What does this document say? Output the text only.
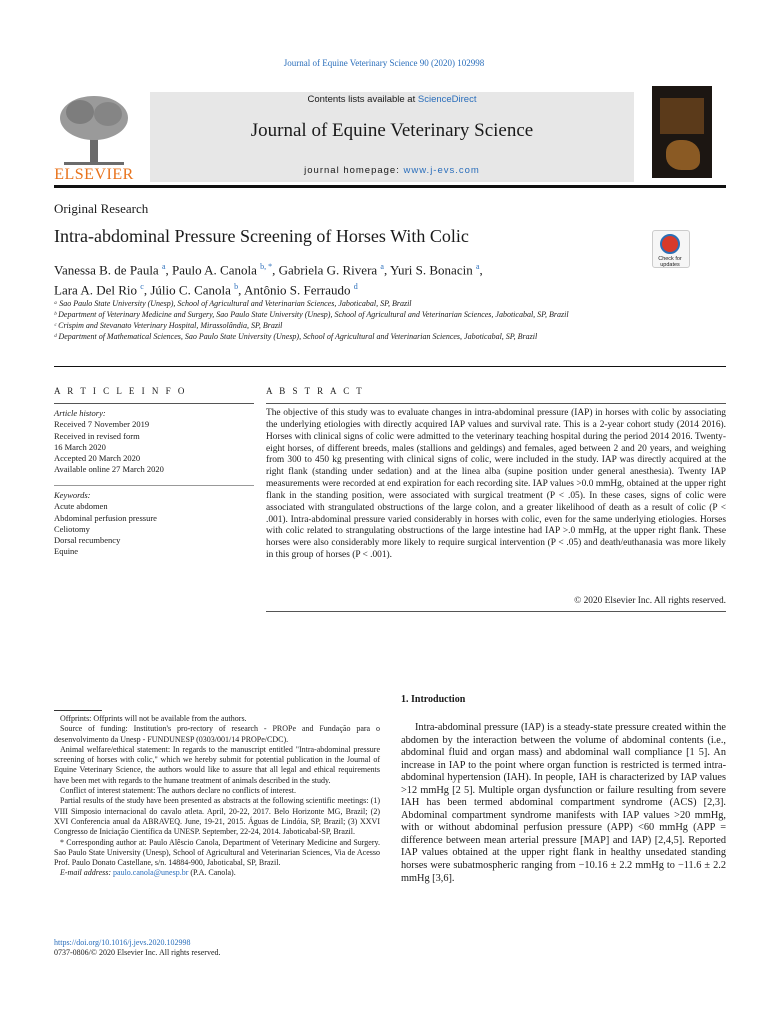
Journal of Equine Veterinary Science 90 (2020) 102998
ELSEVIER
Contents lists available at ScienceDirect
Journal of Equine Veterinary Science
journal homepage: www.j-evs.com
Original Research
Intra-abdominal Pressure Screening of Horses With Colic
Check for updates
Vanessa B. de Paula $^a$, Paulo A. Canola $^{b, *}$, Gabriela G. Rivera $^a$, Yuri S. Bonacin $^a$,
Lara A. Del Rio $^c$, Júlio C. Canola $^b$, Antônio S. Ferraudo $^d$
ᵃ Sao Paulo State University (Unesp), School of Agricultural and Veterinarian Sciences, Jaboticabal, SP, Brazil
ᵇ Department of Veterinary Medicine and Surgery, Sao Paulo State University (Unesp), School of Agricultural and Veterinarian Sciences, Jaboticabal, SP, Brazil
ᶜ Crispim and Stevanato Veterinary Hospital, Mirassolândia, SP, Brazil
ᵈ Department of Mathematical Sciences, Sao Paulo State University (Unesp), School of Agricultural and Veterinarian Sciences, Jaboticabal, SP, Brazil
A R T I C L E I N F O	A B S T R A C T
Article history:
Received 7 November 2019
Received in revised form
16 March 2020
Accepted 20 March 2020
Available online 27 March 2020
Keywords:
Acute abdomen
Abdominal perfusion pressure
Celiotomy
Dorsal recumbency
Equine
The objective of this study was to evaluate changes in intra-abdominal pressure (IAP) in horses with colic by associating the underlying etiologies with directly acquired IAP values and survival rate. This is a 2-year cohort study (2014 2016). Horses with clinical signs of colic were admitted to the veterinary teaching hospital during the period 2014 2016. Twenty-eight horses, of different breeds, males (stallions and geldings) and females, aged between 2 and 20 years, and weighing from 300 to 450 kg presenting with clinical signs of colic, were included in the study. IAP was directly acquired at the right flank (standing under sedation) and at the linea alba (supine position under general anesthesia). Twenty IAP measurements were recorded at end expiration for each recording site. IAP values >0.0 mmHg, obtained at the upper right flank in the standing position, were associated with surgical treatment (P < .05). In these cases, signs of colic were associated with strangulated obstructions of the large colon, and a greater likelihood of death as a result of colic (P < .001). Intra-abdominal pressure varied considerably in horses with colic, even for the same underlying etiologies. Horses with colic related to strangulating obstructions of the large intestine had IAP >.0 mmHg, at the upper right flank. These horses were also considerably more likely to require surgical intervention (P < .05) and death/euthanasia was more likely in this group of horses (P < .001).
© 2020 Elsevier Inc. All rights reserved.

Offprints: Offprints will not be available from the authors.

Source of funding: Institution's pro-rectory of research - PROPe and Fundação para o desenvolvimento da Unesp - FUNDUNESP (0303/001/14 PROPe/CDC).

Animal welfare/ethical statement: In regards to the manuscript entitled "Intra-abdominal pressure screening of horses with colic," which we hereby submit for potential publication in the Journal of Equine Veterinary Science, the authors would like to assure that all legal and ethical requirements have been met with regards to the humane treatment of animals described in the study.

Conflict of interest statement: The authors declare no conflicts of interest.

Partial results of the study have been presented as abstracts at the following scientific meetings: (1) VIII Simposio internacional do cavalo atleta. April, 20-22, 2017. Belo Horizonte MG, Brazil; (2) XVI Conferencia anual da ABRAVEQ. June, 19-21, 2015. Águas de Lindóia, SP, Brazil; (3) XXVI Congresso de Iniciação Científica da UNESP. September, 22-24, 2014. Jaboticabal-SP, Brazil.

* Corresponding author at: Paulo Alêscio Canola, Department of Veterinary Medicine and Surgery. Sao Paulo State University (Unesp), School of Agricultural and Veterinarian Sciences, Via de Acesso Prof. Paulo Donato Castellane, s/n. 14884-900, Jaboticabal, SP, Brazil.

E-mail address: paulo.canola@unesp.br (P.A. Canola).

https://doi.org/10.1016/j.jevs.2020.102998
0737-0806/© 2020 Elsevier Inc. All rights reserved.
1. Introduction
Intra-abdominal pressure (IAP) is a steady-state pressure created within the abdomen by the interaction between the volume of abdominal contents (i.e., abdominal fluid and organ mass) and abdominal wall compliance [1 5]. An increase in IAP to the point where organ function is restricted is termed intra-abdominal hypertension (IAH). In people, IAH is characterized by IAP values >12 mmHg [2 5]. Multiple organ dysfunction or failure resulting from severe IAH has been termed abdominal compartment syndrome (ACS) [2,3]. Abdominal compartment syndrome manifests with IAP values >20 mmHg, with or without abdominal perfusion pressure (APP) <60 mmHg (APP = difference between mean arterial pressure [MAP] and IAP) [2,4,5]. Reported IAP values obtained at the upper right flank in healthy unsedated standing horses were subatmospheric ranging from −10.16 ± 2.2 mmHg to −11.6 ± 2.2 mmHg [3,6].
